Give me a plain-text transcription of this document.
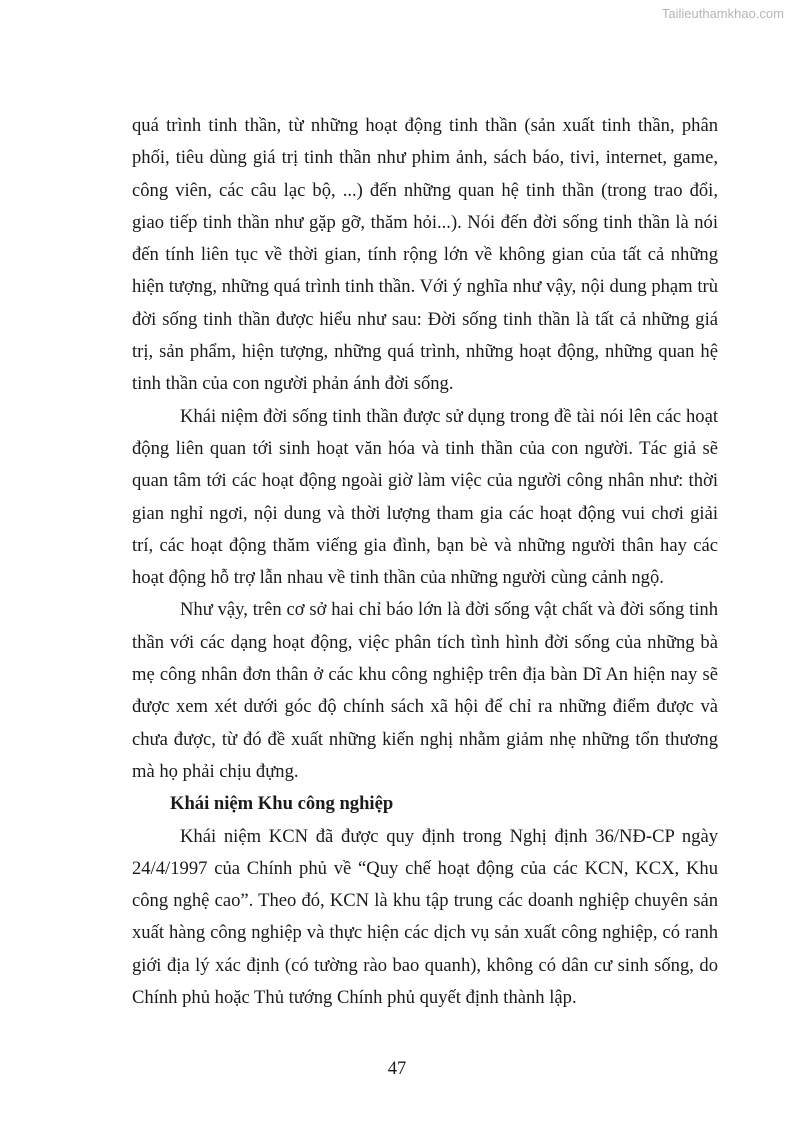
Tailieuthamkhao.com

quá trình tinh thần, từ những hoạt động tinh thần (sản xuất tinh thần, phân phối, tiêu dùng giá trị tinh thần như phim ảnh, sách báo, tivi, internet, game, công viên, các câu lạc bộ, ...) đến những quan hệ tinh thần (trong trao đổi, giao tiếp tinh thần như gặp gỡ, thăm hỏi...). Nói đến đời sống tinh thần là nói đến tính liên tục về thời gian, tính rộng lớn về không gian của tất cả những hiện tượng, những quá trình tinh thần. Với ý nghĩa như vậy, nội dung phạm trù đời sống tinh thần được hiểu như sau: Đời sống tinh thần là tất cả những giá trị, sản phẩm, hiện tượng, những quá trình, những hoạt động, những quan hệ tinh thần của con người phản ánh đời sống.

Khái niệm đời sống tinh thần được sử dụng trong đề tài nói lên các hoạt động liên quan tới sinh hoạt văn hóa và tinh thần của con người. Tác giả sẽ quan tâm tới các hoạt động ngoài giờ làm việc của người công nhân như: thời gian nghỉ ngơi, nội dung và thời lượng tham gia các hoạt động vui chơi giải trí, các hoạt động thăm viếng gia đình, bạn bè và những người thân hay các hoạt động hỗ trợ lẫn nhau về tinh thần của những người cùng cảnh ngộ.

Như vậy, trên cơ sở hai chỉ báo lớn là đời sống vật chất và đời sống tinh thần với các dạng hoạt động, việc phân tích tình hình đời sống của những bà mẹ công nhân đơn thân ở các khu công nghiệp trên địa bàn Dĩ An hiện nay sẽ được xem xét dưới góc độ chính sách xã hội để chỉ ra những điểm được và chưa được, từ đó đề xuất những kiến nghị nhằm giảm nhẹ những tổn thương mà họ phải chịu đựng.

Khái niệm Khu công nghiệp

Khái niệm KCN đã được quy định trong Nghị định 36/NĐ-CP ngày 24/4/1997 của Chính phủ về “Quy chế hoạt động của các KCN, KCX, Khu công nghệ cao”. Theo đó, KCN là khu tập trung các doanh nghiệp chuyên sản xuất hàng công nghiệp và thực hiện các dịch vụ sản xuất công nghiệp, có ranh giới địa lý xác định (có tường rào bao quanh), không có dân cư sinh sống, do Chính phủ hoặc Thủ tướng Chính phủ quyết định thành lập.

47
